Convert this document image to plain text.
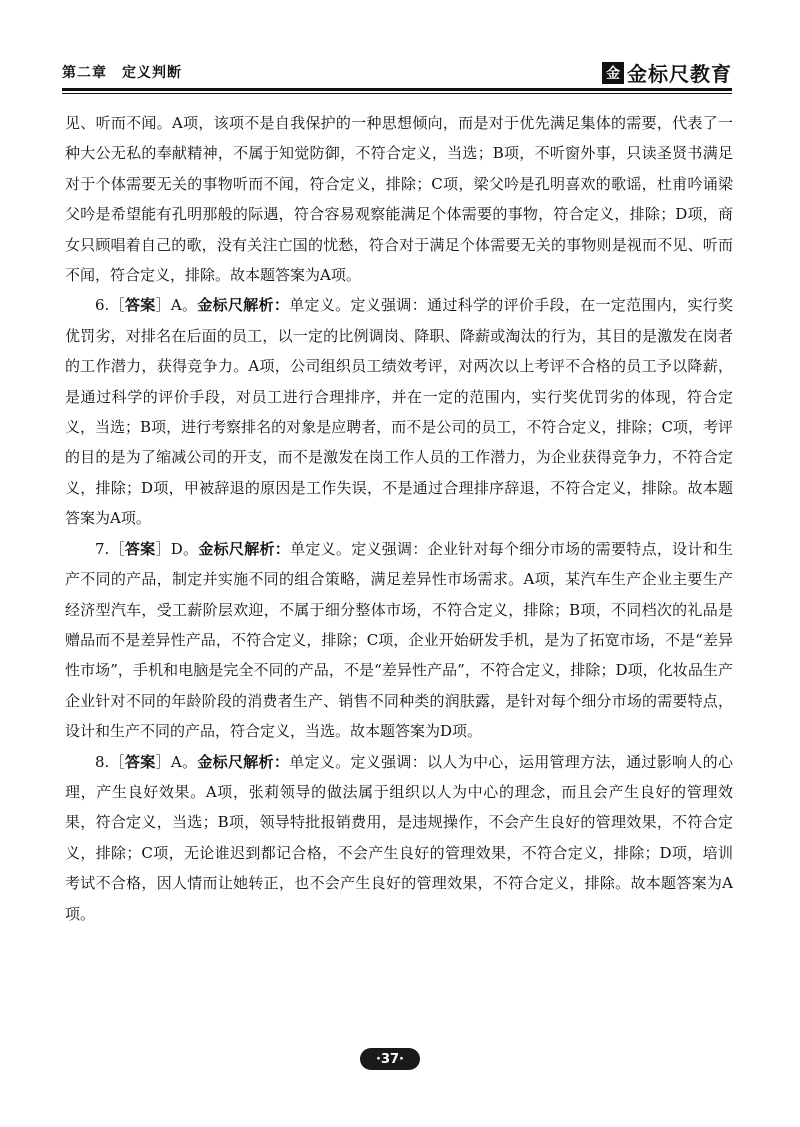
第二章　定义判断	金 金标尺教育

见、听而不闻。A项，该项不是自我保护的一种思想倾向，而是对于优先满足集体的需要，代表了一种大公无私的奉献精神，不属于知觉防御，不符合定义，当选；B项，不听窗外事，只读圣贤书满足对于个体需要无关的事物听而不闻，符合定义，排除；C项，梁父吟是孔明喜欢的歌谣，杜甫吟诵梁父吟是希望能有孔明那般的际遇，符合容易观察能满足个体需要的事物，符合定义，排除；D项，商女只顾唱着自己的歌，没有关注亡国的忧愁，符合对于满足个体需要无关的事物则是视而不见、听而不闻，符合定义，排除。故本题答案为A项。

6.［答案］A。金标尺解析：单定义。定义强调：通过科学的评价手段，在一定范围内，实行奖优罚劣，对排名在后面的员工，以一定的比例调岗、降职、降薪或淘汰的行为，其目的是激发在岗者的工作潜力，获得竞争力。A项，公司组织员工绩效考评，对两次以上考评不合格的员工予以降薪，是通过科学的评价手段，对员工进行合理排序，并在一定的范围内，实行奖优罚劣的体现，符合定义，当选；B项，进行考察排名的对象是应聘者，而不是公司的员工，不符合定义，排除；C项，考评的目的是为了缩减公司的开支，而不是激发在岗工作人员的工作潜力，为企业获得竞争力，不符合定义，排除；D项，甲被辞退的原因是工作失误，不是通过合理排序辞退，不符合定义，排除。故本题答案为A项。

7.［答案］D。金标尺解析：单定义。定义强调：企业针对每个细分市场的需要特点，设计和生产不同的产品，制定并实施不同的组合策略，满足差异性市场需求。A项，某汽车生产企业主要生产经济型汽车，受工薪阶层欢迎，不属于细分整体市场，不符合定义，排除；B项，不同档次的礼品是赠品而不是差异性产品，不符合定义，排除；C项，企业开始研发手机，是为了拓宽市场，不是“差异性市场”，手机和电脑是完全不同的产品，不是“差异性产品”，不符合定义，排除；D项，化妆品生产企业针对不同的年龄阶段的消费者生产、销售不同种类的润肤露，是针对每个细分市场的需要特点，设计和生产不同的产品，符合定义，当选。故本题答案为D项。

8.［答案］A。金标尺解析：单定义。定义强调：以人为中心，运用管理方法，通过影响人的心理，产生良好效果。A项，张莉领导的做法属于组织以人为中心的理念，而且会产生良好的管理效果，符合定义，当选；B项，领导特批报销费用，是违规操作，不会产生良好的管理效果，不符合定义，排除；C项，无论谁迟到都记合格，不会产生良好的管理效果，不符合定义，排除；D项，培训考试不合格，因人情而让她转正，也不会产生良好的管理效果，不符合定义，排除。故本题答案为A项。

·37·
